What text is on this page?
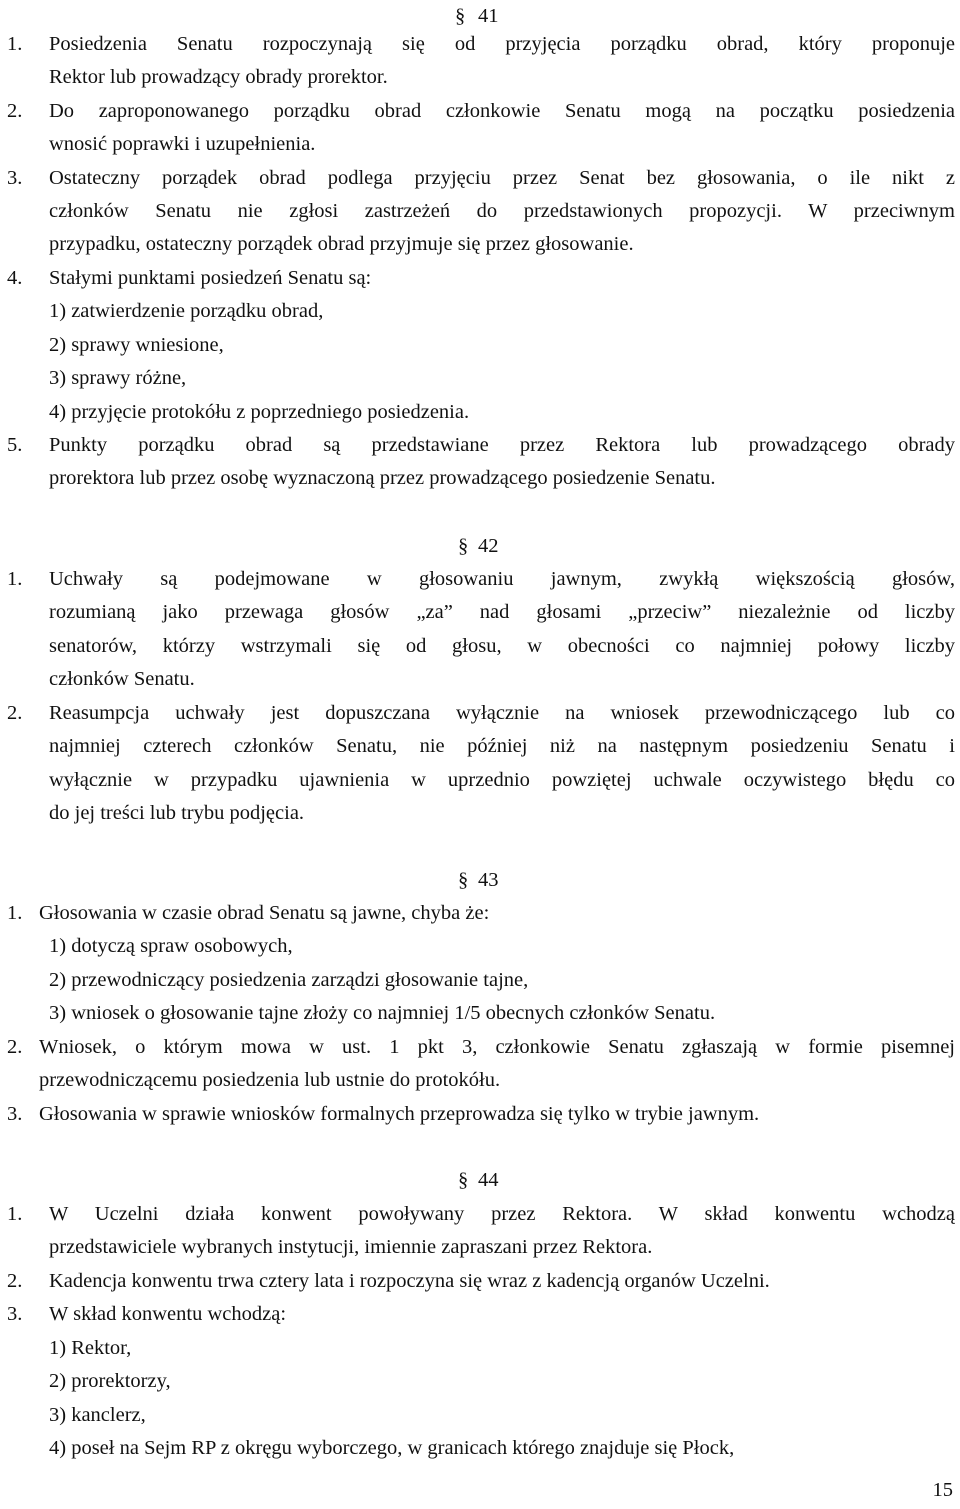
§ 41
1. Posiedzenia Senatu rozpoczynają się od przyjęcia porządku obrad, który proponuje
Rektor lub prowadzący obrady prorektor.
2. Do zaproponowanego porządku obrad członkowie Senatu mogą na początku posiedzenia
wnosić poprawki i uzupełnienia.
3. Ostateczny porządek obrad podlega przyjęciu przez Senat bez głosowania, o ile nikt z
członków Senatu nie zgłosi zastrzeżeń do przedstawionych propozycji. W przeciwnym
przypadku, ostateczny porządek obrad przyjmuje się przez głosowanie.
4. Stałymi punktami posiedzeń Senatu są:
1) zatwierdzenie porządku obrad,
2) sprawy wniesione,
3) sprawy różne,
4) przyjęcie protokółu z poprzedniego posiedzenia.
5. Punkty porządku obrad są przedstawiane przez Rektora lub prowadzącego obrady
prorektora lub przez osobę wyznaczoną przez prowadzącego posiedzenie Senatu.
§ 42
1. Uchwały są podejmowane w głosowaniu jawnym, zwykłą większością głosów,
rozumianą jako przewaga głosów „za” nad głosami „przeciw” niezależnie od liczby
senatorów, którzy wstrzymali się od głosu, w obecności co najmniej połowy liczby
członków Senatu.
2. Reasumpcja uchwały jest dopuszczana wyłącznie na wniosek przewodniczącego lub co
najmniej czterech członków Senatu, nie później niż na następnym posiedzeniu Senatu i
wyłącznie w przypadku ujawnienia w uprzednio powziętej uchwale oczywistego błędu co
do jej treści lub trybu podjęcia.
§ 43
1. Głosowania w czasie obrad Senatu są jawne, chyba że:
1) dotyczą spraw osobowych,
2) przewodniczący posiedzenia zarządzi głosowanie tajne,
3) wniosek o głosowanie tajne złoży co najmniej 1/5 obecnych członków Senatu.
2. Wniosek, o którym mowa w ust. 1 pkt 3, członkowie Senatu zgłaszają w formie pisemnej
przewodniczącemu posiedzenia lub ustnie do protokółu.
3. Głosowania w sprawie wniosków formalnych przeprowadza się tylko w trybie jawnym.
§ 44
1. W Uczelni działa konwent powoływany przez Rektora. W skład konwentu wchodzą
przedstawiciele wybranych instytucji, imiennie zapraszani przez Rektora.
2. Kadencja konwentu trwa cztery lata i rozpoczyna się wraz z kadencją organów Uczelni.
3. W skład konwentu wchodzą:
1) Rektor,
2) prorektorzy,
3) kanclerz,
4) poseł na Sejm RP z okręgu wyborczego, w granicach którego znajduje się Płock,
15
